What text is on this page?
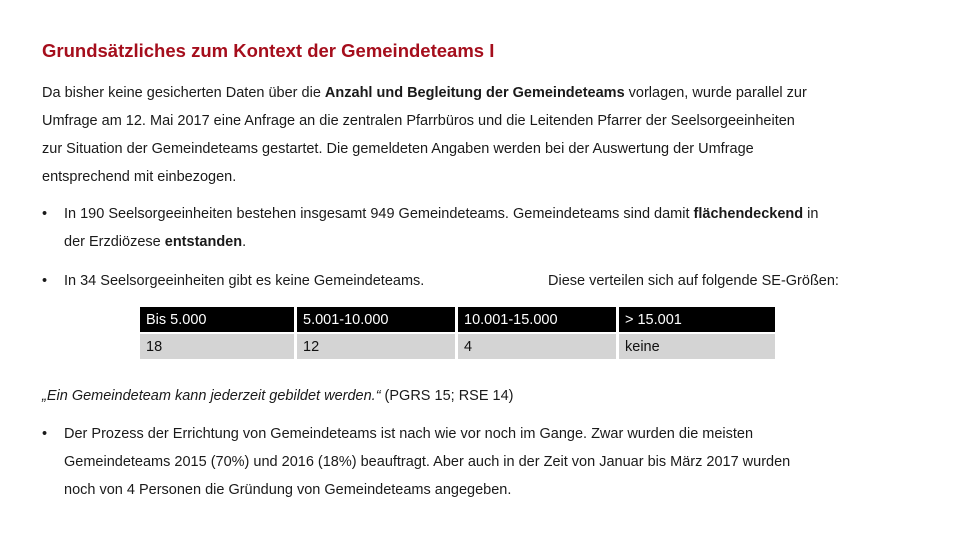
Grundsätzliches zum Kontext der Gemeindeteams I

Da bisher keine gesicherten Daten über die Anzahl und Begleitung der Gemeindeteams vorlagen, wurde parallel zur

Umfrage am 12. Mai 2017 eine Anfrage an die zentralen Pfarrbüros und die Leitenden Pfarrer der Seelsorgeeinheiten

zur Situation der Gemeindeteams gestartet. Die gemeldeten Angaben werden bei der Auswertung der Umfrage

entsprechend mit einbezogen.

• In 190 Seelsorgeeinheiten bestehen insgesamt 949 Gemeindeteams. Gemeindeteams sind damit flächendeckend in
der Erzdiözese entstanden.
• In 34 Seelsorgeeinheiten gibt es keine Gemeindeteams.	Diese verteilen sich auf folgende SE-Größen:
Bis 5.000	5.001-10.000	10.001-15.000	> 15.001
18	12	4	keine
„Ein Gemeindeteam kann jederzeit gebildet werden.“ (PGRS 15; RSE 14)
• Der Prozess der Errichtung von Gemeindeteams ist nach wie vor noch im Gange. Zwar wurden die meisten
Gemeindeteams 2015 (70%) und 2016 (18%) beauftragt. Aber auch in der Zeit von Januar bis März 2017 wurden
noch von 4 Personen die Gründung von Gemeindeteams angegeben.
